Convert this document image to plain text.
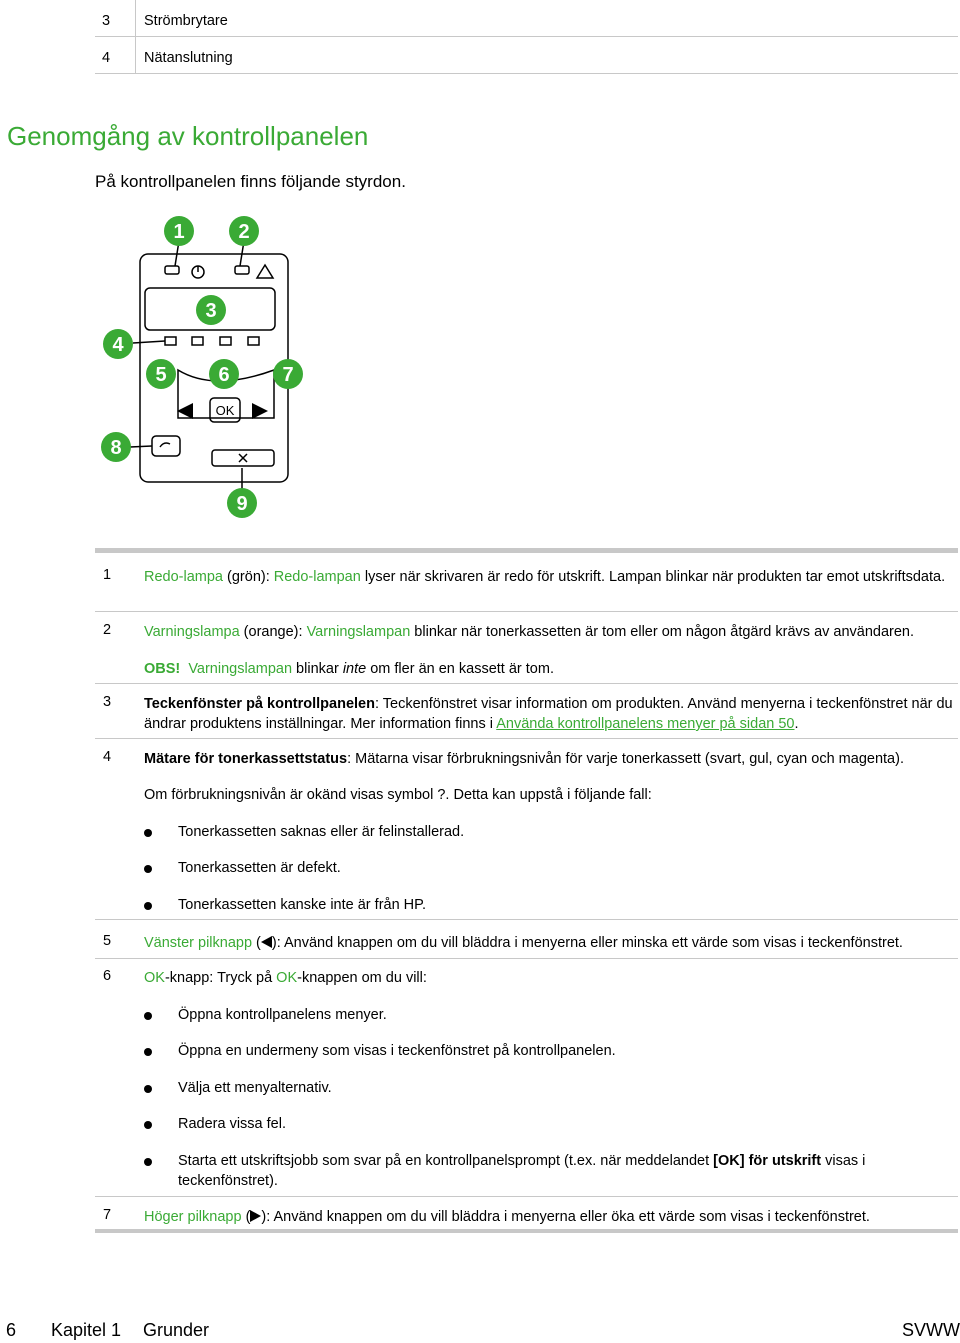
3 Strömbrytare
4 Nätanslutning
Genomgång av kontrollpanelen

På kontrollpanelen finns följande styrdon.

OK
1	2
3
4
5	6	7
8
9
1 Redo-lampa (grön): Redo-lampan lyser när skrivaren är redo för utskrift. Lampan blinkar när produkten tar emot utskriftsdata.
2 Varningslampa (orange): Varningslampan blinkar när tonerkassetten är tom eller om någon åtgärd krävs av användaren.
OBS! Varningslampan blinkar inte om fler än en kassett är tom.
3 Teckenfönster på kontrollpanelen: Teckenfönstret visar information om produkten. Använd menyerna i teckenfönstret när du ändrar produktens inställningar. Mer information finns i Använda kontrollpanelens menyer på sidan 50.
4 Mätare för tonerkassettstatus: Mätarna visar förbrukningsnivån för varje tonerkassett (svart, gul, cyan och magenta).
Om förbrukningsnivån är okänd visas symbol ?. Detta kan uppstå i följande fall:
Tonerkassetten saknas eller är felinstallerad.
Tonerkassetten är defekt.
Tonerkassetten kanske inte är från HP.
5 Vänster pilknapp ( ): Använd knappen om du vill bläddra i menyerna eller minska ett värde som visas i teckenfönstret.
6 OK-knapp: Tryck på OK-knappen om du vill:
Öppna kontrollpanelens menyer.
Öppna en undermeny som visas i teckenfönstret på kontrollpanelen.
Välja ett menyalternativ.
Radera vissa fel.
Starta ett utskriftsjobb som svar på en kontrollpanelsprompt (t.ex. när meddelandet [OK] för utskrift visas i teckenfönstret).
7 Höger pilknapp ( ): Använd knappen om du vill bläddra i menyerna eller öka ett värde som visas i teckenfönstret.
6 Kapitel 1 Grunder	SVWW
